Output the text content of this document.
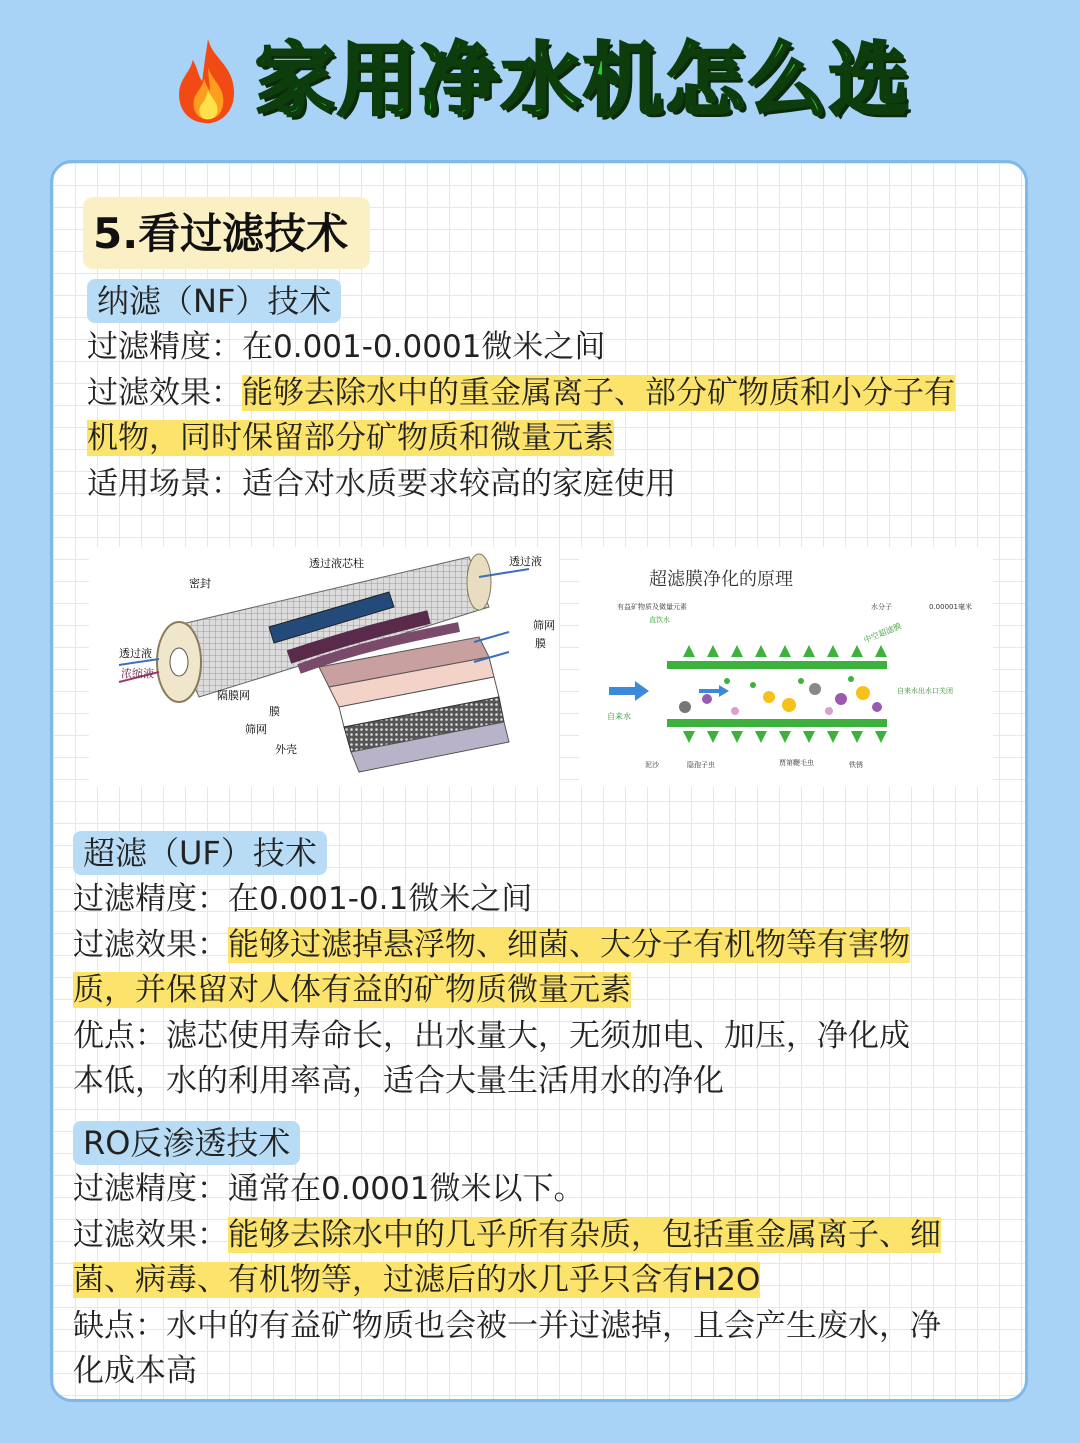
家用净水机怎么选
5.看过滤技术
纳滤（NF）技术
过滤精度：在0.001-0.0001微米之间
过滤效果：能够去除水中的重金属离子、部分矿物质和小分子有
机物，同时保留部分矿物质和微量元素
适用场景：适合对水质要求较高的家庭使用
透过液芯柱	透过液
密封
筛网
膜
透过液
浓缩液
隔膜网
膜
筛网
外壳
超滤膜净化的原理
有益矿物质及微量元素
直饮水
水分子	0.00001毫米
中空超滤膜
自来水
自来水出水口关闭
泥沙	隐孢子虫	贾第鞭毛虫	铁锈
超滤（UF）技术
过滤精度：在0.001-0.1微米之间
过滤效果：能够过滤掉悬浮物、细菌、大分子有机物等有害物
质，并保留对人体有益的矿物质微量元素
优点：滤芯使用寿命长，出水量大，无须加电、加压，净化成
本低，水的利用率高，适合大量生活用水的净化
RO反渗透技术
过滤精度：通常在0.0001微米以下。
过滤效果：能够去除水中的几乎所有杂质，包括重金属离子、细
菌、病毒、有机物等，过滤后的水几乎只含有H2O
缺点：水中的有益矿物质也会被一并过滤掉，且会产生废水，净
化成本高
